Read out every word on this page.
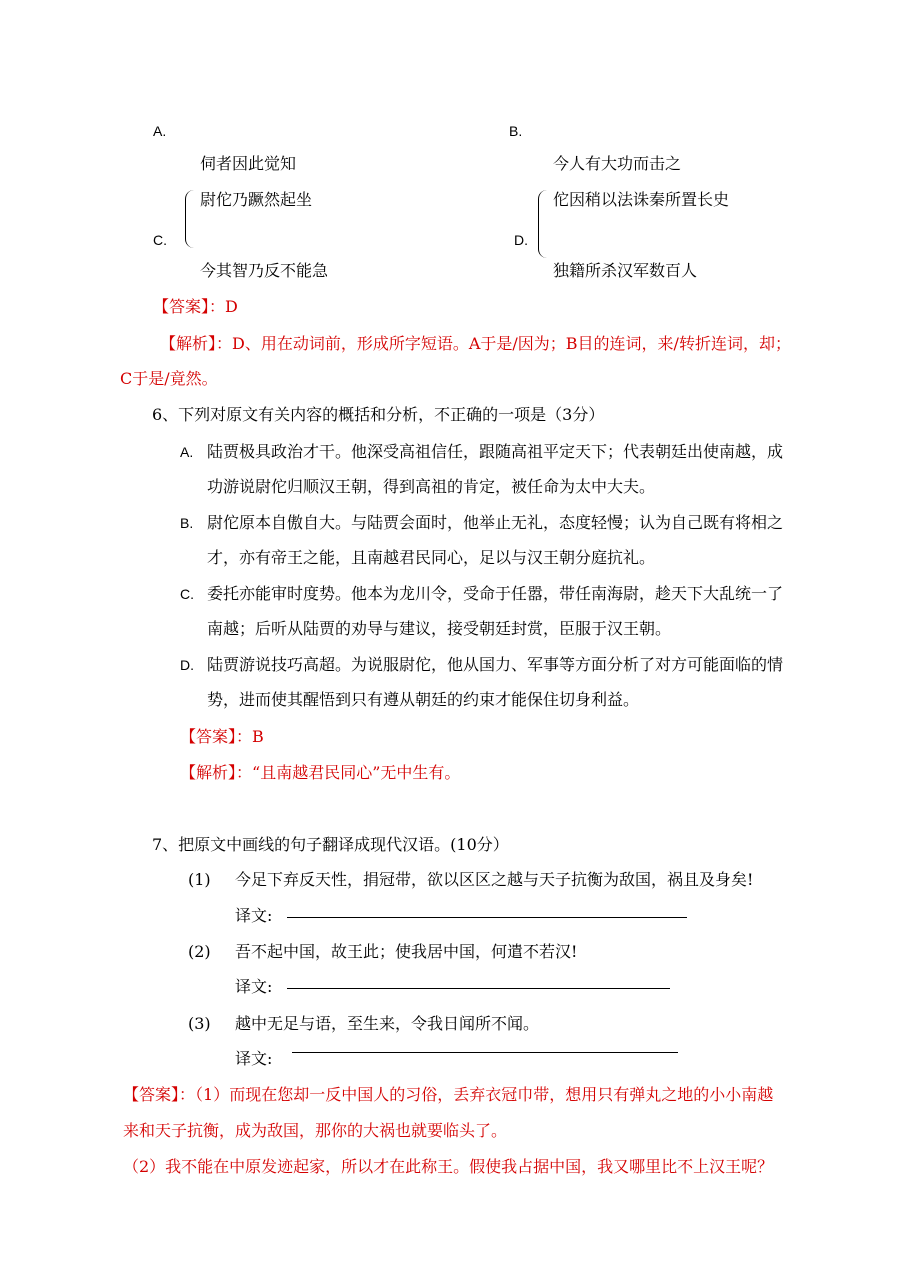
A.	B.
伺者因此觉知	今人有大功而击之
尉佗乃蹶然起坐
C.
今其智乃反不能急
佗因稍以法诛秦所置长史
D.
独籍所杀汉军数百人
【答案】：D
【解析】：D、用在动词前，形成所字短语。A于是/因为；B目的连词，来/转折连词，却；
C于是/竟然。
6、下列对原文有关内容的概括和分析，不正确的一项是（3分）
A. 陆贾极具政治才干。他深受高祖信任，跟随高祖平定天下；代表朝廷出使南越，成
功游说尉佗归顺汉王朝，得到高祖的肯定，被任命为太中大夫。
B. 尉佗原本自傲自大。与陆贾会面时，他举止无礼，态度轻慢；认为自己既有将相之
才，亦有帝王之能，且南越君民同心，足以与汉王朝分庭抗礼。
C. 委托亦能审时度势。他本为龙川令，受命于任嚣，带任南海尉，趁天下大乱统一了
南越；后听从陆贾的劝导与建议，接受朝廷封赏，臣服于汉王朝。
D. 陆贾游说技巧高超。为说服尉佗，他从国力、军事等方面分析了对方可能面临的情
势，进而使其醒悟到只有遵从朝廷的约束才能保住切身利益。
【答案】：B
【解析】：“且南越君民同心”无中生有。
7、把原文中画线的句子翻译成现代汉语。(10分）
(1) 今足下弃反天性，捐冠带，欲以区区之越与天子抗衡为敌国，祸且及身矣!
译文:
(2) 吾不起中国，故王此；使我居中国，何遣不若汉!
译文:
(3) 越中无足与语，至生来，令我日闻所不闻。
译文:
【答案】：（1）而现在您却一反中国人的习俗，丢弃衣冠巾带，想用只有弹丸之地的小小南越
来和天子抗衡，成为敌国，那你的大祸也就要临头了。
（2）我不能在中原发迹起家，所以才在此称王。假使我占据中国，我又哪里比不上汉王呢？
